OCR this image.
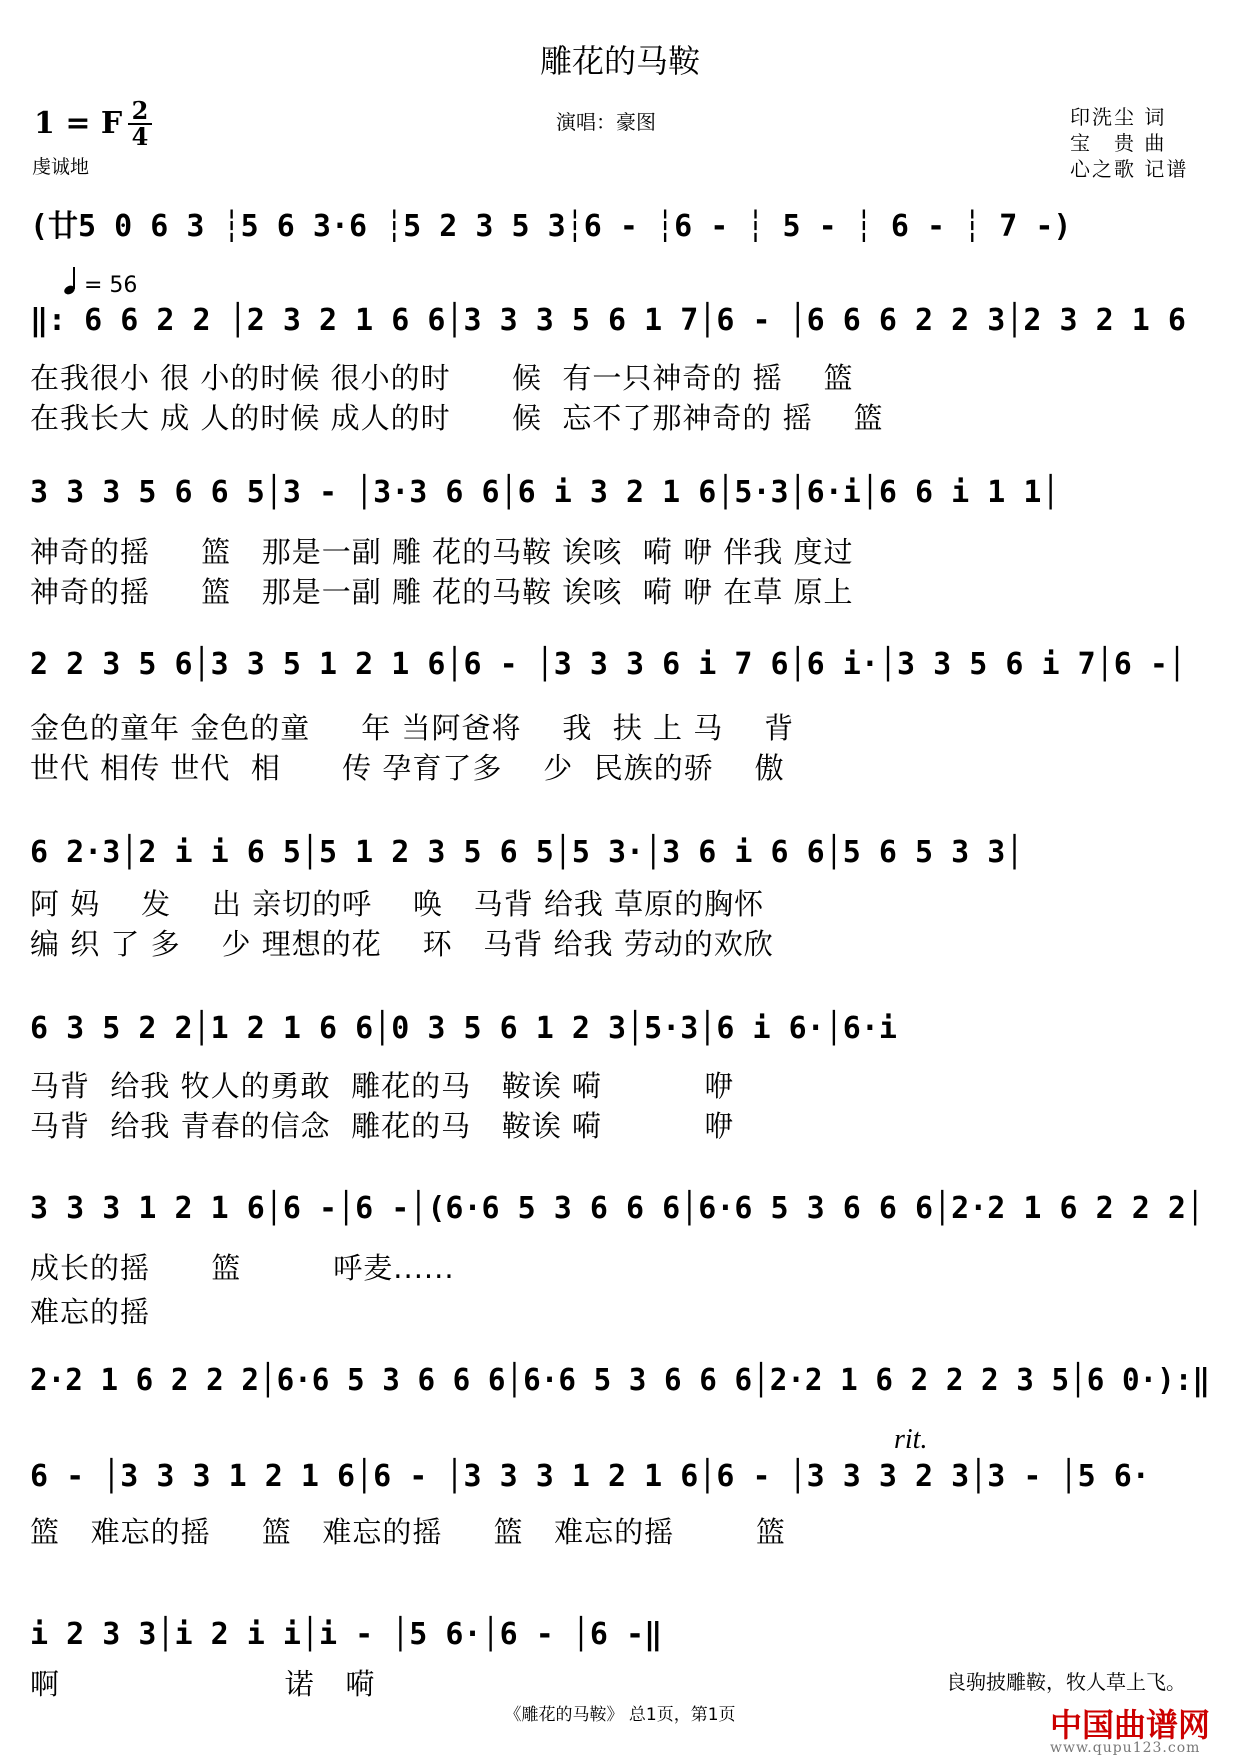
雕花的马鞍
1 = F 2
4
虔诚地
演唱：豪图	印洗尘 词
宝　贵 曲
心之歌 记谱
= 56
(廿5 0 6 3 ┆5 6 3·6 ┆5 2 3 5 3┆6 - ┆6 - ┆ 5 - ┆ 6 - ┆ 7 -)
‖: 6 6 2 2 │2 3 2 1 6 6│3 3 3 5 6 1 7│6 - │6 6 6 2 2 3│2 3 2 1 6
在我很小 很 小的时候 很小的时      候  有一只神奇的 摇    篮
在我长大 成 人的时候 成人的时      候  忘不了那神奇的 摇    篮
3 3 3 5 6 6 5│3 - │3·3 6 6│6 i 3 2 1 6│5·3│6·i│6 6 i 1 1│
神奇的摇     篮   那是一副 雕 花的马鞍 诶咳  嗬 咿 伴我 度过
神奇的摇     篮   那是一副 雕 花的马鞍 诶咳  嗬 咿 在草 原上
2 2 3 5 6│3 3 5 1 2 1 6│6 - │3 3 3 6 i 7 6│6 i·│3 3 5 6 i 7│6 -│
金色的童年 金色的童     年 当阿爸将    我  扶 上 马    背
世代 相传 世代  相      传 孕育了多    少  民族的骄    傲
6 2·3│2 i i 6 5│5 1 2 3 5 6 5│5 3·│3 6 i 6 6│5 6 5 3 3│
阿 妈    发    出 亲切的呼    唤   马背 给我 草原的胸怀
编 织 了 多    少 理想的花    环   马背 给我 劳动的欢欣
6 3 5 2 2│1 2 1 6 6│0 3 5 6 1 2 3│5·3│6 i 6·│6·i
马背  给我 牧人的勇敢  雕花的马   鞍诶 嗬          咿
马背  给我 青春的信念  雕花的马   鞍诶 嗬          咿
3 3 3 1 2 1 6│6 -│6 -│(6·6 5 3 6 6 6│6·6 5 3 6 6 6│2·2 1 6 2 2 2│
成长的摇      篮         呼麦......
难忘的摇
2·2 1 6 2 2 2│6·6 5 3 6 6 6│6·6 5 3 6 6 6│2·2 1 6 2 2 2 3 5│6 0·):‖
6 - │3 3 3 1 2 1 6│6 - │3 3 3 1 2 1 6│6 - │3 3 3 2 3│3 - │5 6·
篮   难忘的摇     篮   难忘的摇     篮   难忘的摇        篮
rit.
i 2 3 3│i 2 i i│i - │5 6·│6 - │6 -‖
啊                      诺   嗬	良驹披雕鞍，牧人草上飞。
《雕花的马鞍》 总1页，第1页	中国曲谱网
www.qupu123.com
